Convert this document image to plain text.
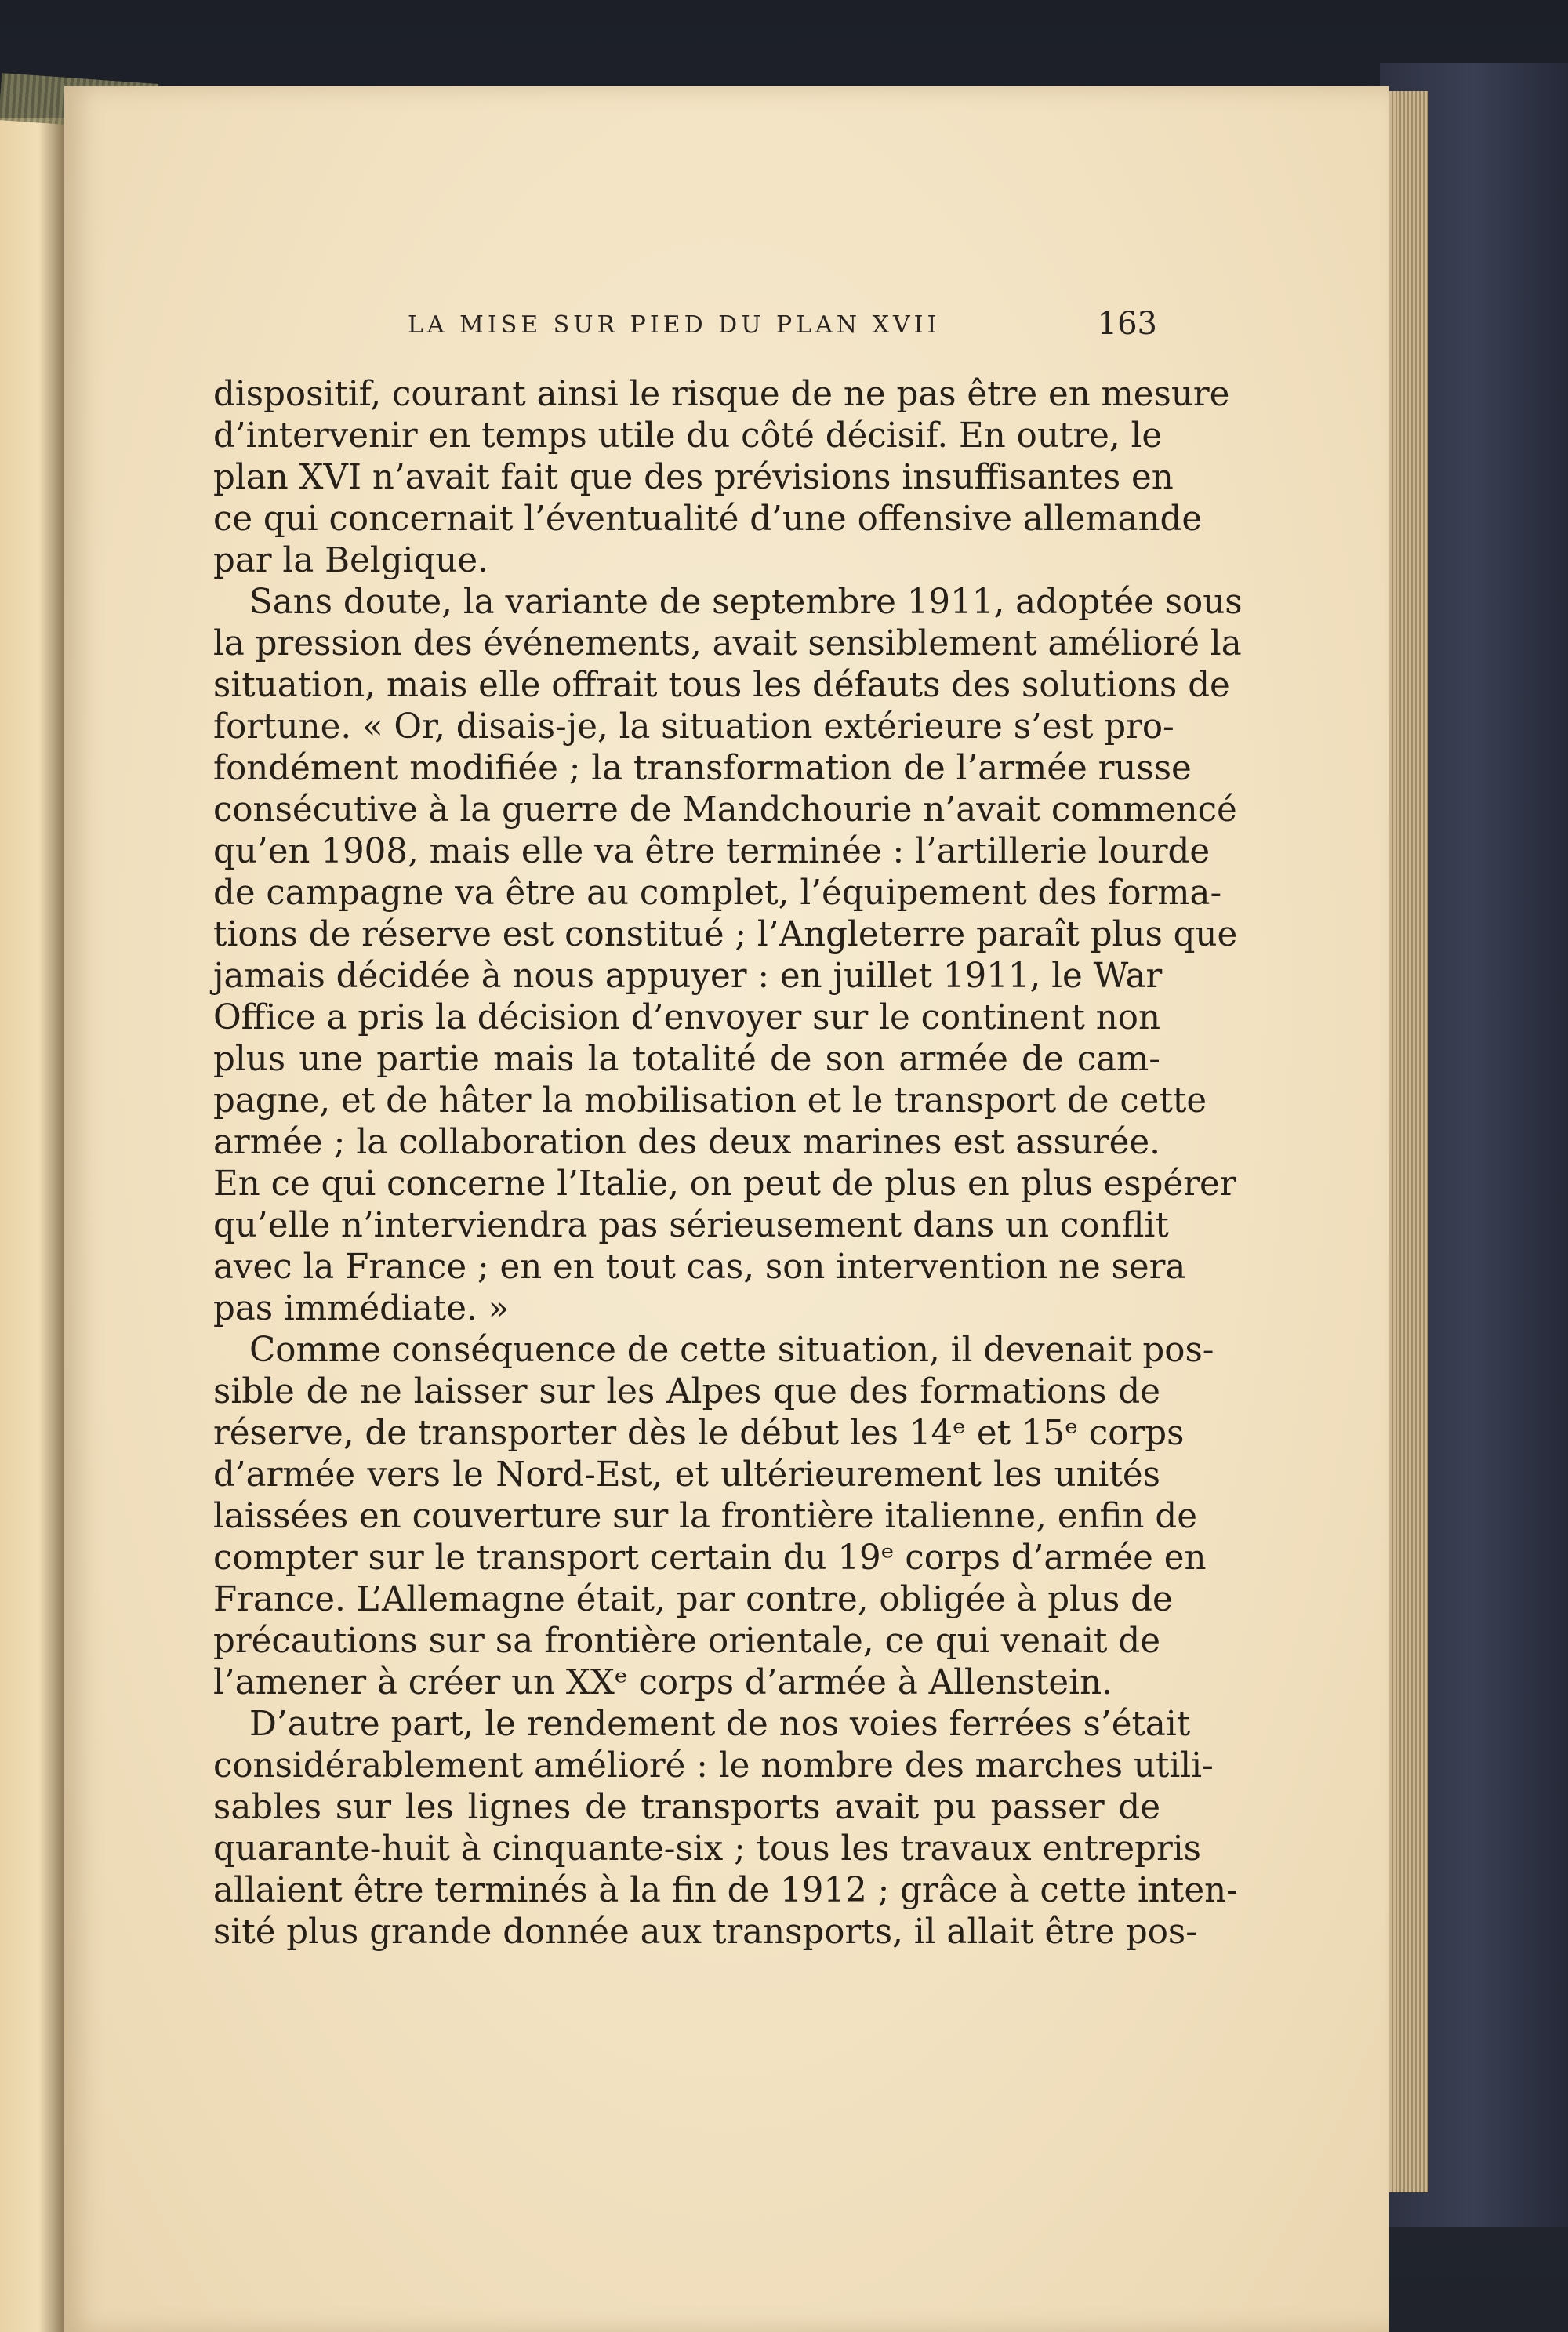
LA MISE SUR PIED DU PLAN XVII	163
dispositif, courant ainsi le risque de ne pas être en mesure
d’intervenir en temps utile du côté décisif. En outre, le
plan XVI n’avait fait que des prévisions insuffisantes en
ce qui concernait l’éventualité d’une offensive allemande
par la Belgique.
Sans doute, la variante de septembre 1911, adoptée sous
la pression des événements, avait sensiblement amélioré la
situation, mais elle offrait tous les défauts des solutions de
fortune. « Or, disais-je, la situation extérieure s’est pro-
fondément modifiée ; la transformation de l’armée russe
consécutive à la guerre de Mandchourie n’avait commencé
qu’en 1908, mais elle va être terminée : l’artillerie lourde
de campagne va être au complet, l’équipement des forma-
tions de réserve est constitué ; l’Angleterre paraît plus que
jamais décidée à nous appuyer : en juillet 1911, le War
Office a pris la décision d’envoyer sur le continent non
plus une partie mais la totalité de son armée de cam-
pagne, et de hâter la mobilisation et le transport de cette
armée ; la collaboration des deux marines est assurée.
En ce qui concerne l’Italie, on peut de plus en plus espérer
qu’elle n’interviendra pas sérieusement dans un conflit
avec la France ; en en tout cas, son intervention ne sera
pas immédiate. »
Comme conséquence de cette situation, il devenait pos-
sible de ne laisser sur les Alpes que des formations de
réserve, de transporter dès le début les 14ᵉ et 15ᵉ corps
d’armée vers le Nord-Est, et ultérieurement les unités
laissées en couverture sur la frontière italienne, enfin de
compter sur le transport certain du 19ᵉ corps d’armée en
France. L’Allemagne était, par contre, obligée à plus de
précautions sur sa frontière orientale, ce qui venait de
l’amener à créer un XXᵉ corps d’armée à Allenstein.
D’autre part, le rendement de nos voies ferrées s’était
considérablement amélioré : le nombre des marches utili-
sables sur les lignes de transports avait pu passer de
quarante-huit à cinquante-six ; tous les travaux entrepris
allaient être terminés à la fin de 1912 ; grâce à cette inten-
sité plus grande donnée aux transports, il allait être pos-
